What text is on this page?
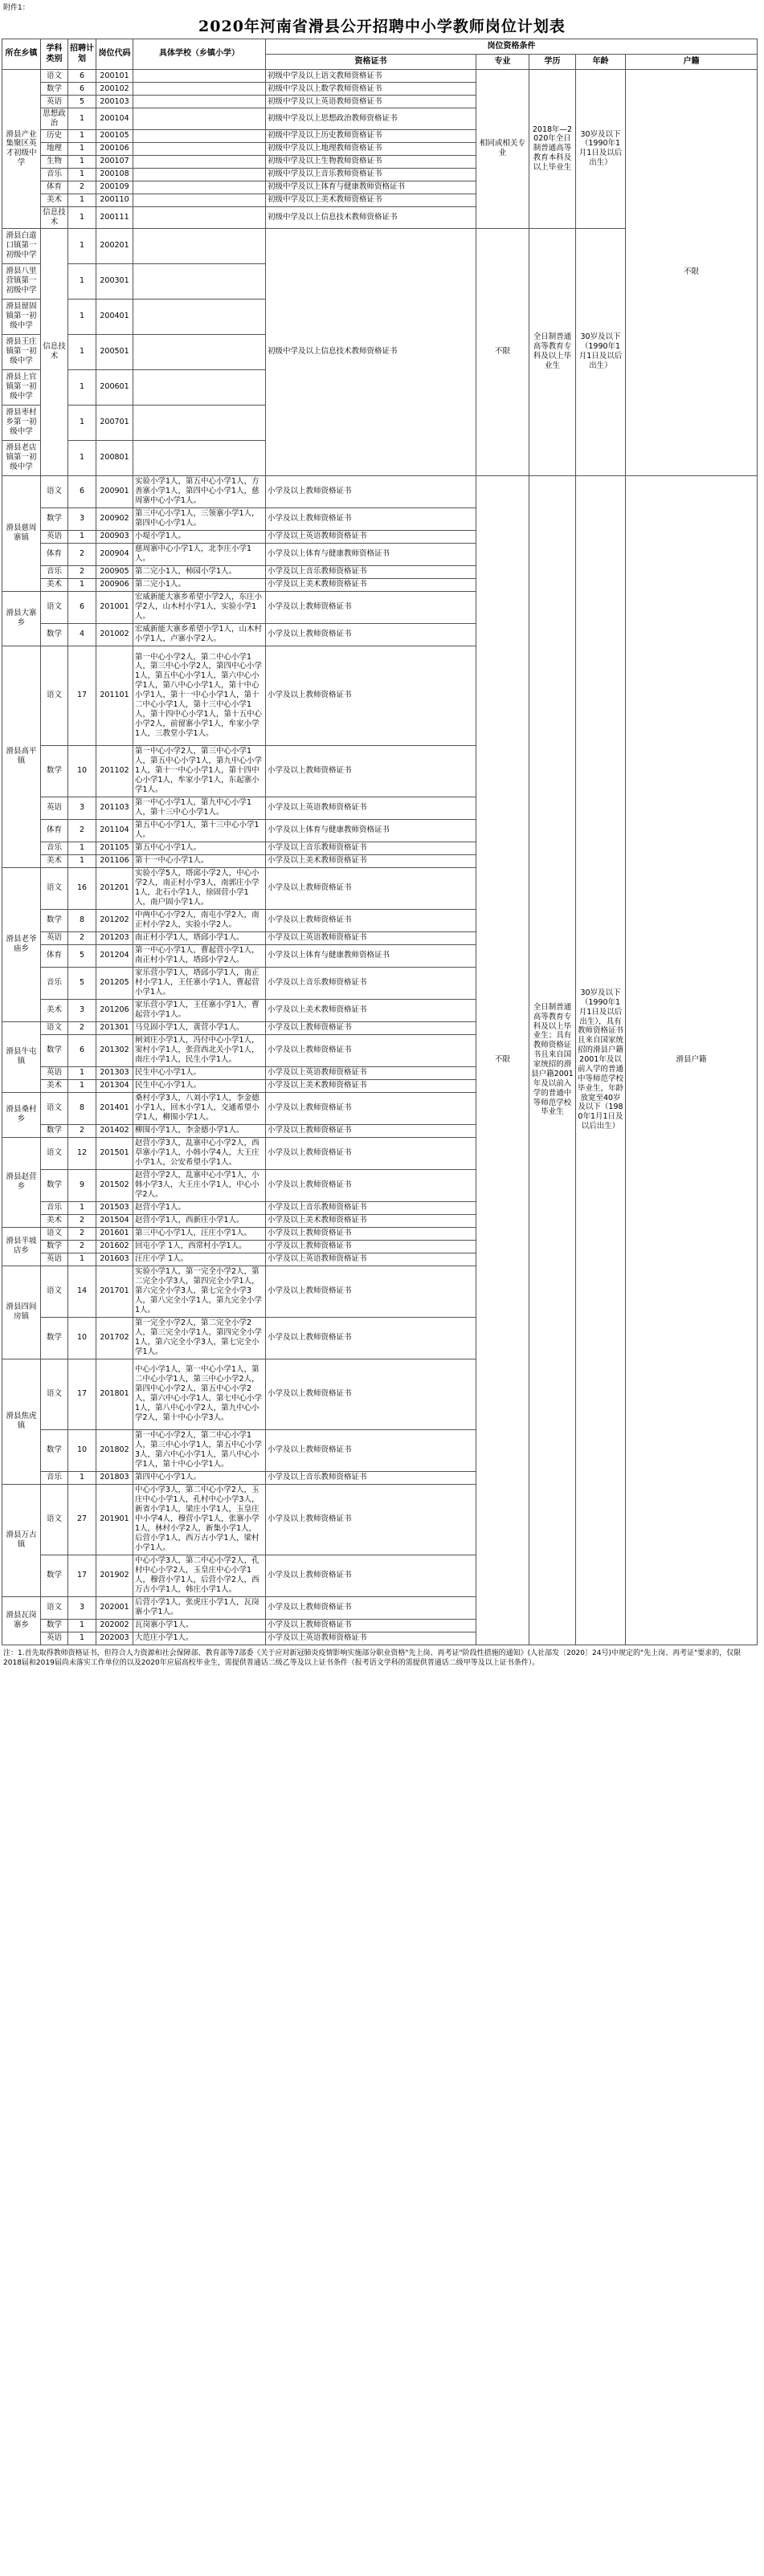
附件1：
2020年河南省滑县公开招聘中小学教师岗位计划表
所在乡镇	学科类别	招聘计划	岗位代码	具体学校（乡镇小学）	岗位资格条件				
					资格证书	专业	学历	年龄	户籍
滑县产业集聚区英才初级中学	语文	6	200101		初级中学及以上语文教师资格证书	相同或相关专业	2018年—2020年全日制普通高等教育本科及以上毕业生	30岁及以下（1990年1月1日及以后出生）	不限
	数学	6	200102		初级中学及以上数学教师资格证书				
	英语	5	200103		初级中学及以上英语教师资格证书				
	思想政治	1	200104		初级中学及以上思想政治教师资格证书				
	历史	1	200105		初级中学及以上历史教师资格证书				
	地理	1	200106		初级中学及以上地理教师资格证书				
	生物	1	200107		初级中学及以上生物教师资格证书				
	音乐	1	200108		初级中学及以上音乐教师资格证书				
	体育	2	200109		初级中学及以上体育与健康教师资格证书				
	美术	1	200110		初级中学及以上美术教师资格证书				
	信息技术	1	200111		初级中学及以上信息技术教师资格证书				
滑县白道口镇第一初级中学	信息技术	1	200201		初级中学及以上信息技术教师资格证书	不限	全日制普通高等教育专科及以上毕业生	30岁及以下（1990年1月1日及以后出生）	
滑县八里营镇第一初级中学		1	200301						
滑县留固镇第一初级中学		1	200401						
滑县王庄镇第一初级中学		1	200501						
滑县上官镇第一初级中学		1	200601						
滑县枣村乡第一初级中学		1	200701						
滑县老店镇第一初级中学		1	200801						
滑县慈周寨镇	语文	6	200901	实验小学1人，第五中心小学1人，方善寨小学1人，第四中心小学1人，慈周寨中心小学1人。	小学及以上教师资格证书	不限	全日制普通高等教育专科及以上毕业生；具有教师资格证书且来自国家统招的滑县户籍2001年及以前入学的普通中等师范学校毕业生	30岁及以下（1990年1月1日及以后出生），具有教师资格证书且来自国家统招的滑县户籍2001年及以前入学的普通中等师范学校毕业生，年龄放宽至40岁及以下（1980年1月1日及以后出生）	滑县户籍
	数学	3	200902	第三中心小学1人，三领寨小学1人，第四中心小学1人。	小学及以上教师资格证书				
	英语	1	200903	小堤小学1人。	小学及以上英语教师资格证书				
	体育	2	200904	慈周寨中心小学1人，北李庄小学1人。	小学及以上体育与健康教师资格证书				
	音乐	2	200905	第二完小1人，柿园小学1人。	小学及以上音乐教师资格证书				
	美术	1	200906	第二完小1人。	小学及以上美术教师资格证书				
滑县大寨乡	语文	6	201001	宏威新能大寨乡希望小学2人，东庄小学2人，山木村小学1人，实验小学1人。	小学及以上教师资格证书				
	数学	4	201002	宏威新能大寨乡希望小学1人，山木村小学1人，卢寨小学2人。	小学及以上教师资格证书				
滑县高平镇	语文	17	201101	第一中心小学2人，第二中心小学1人，第三中心小学2人，第四中心小学1人，第五中心小学1人，第六中心小学1人，第八中心小学1人，第十中心小学1人，第十一中心小学1人，第十二中心小学1人，第十三中心小学1人，第十四中心小学1人，第十五中心小学2人，前留寨小学1人，牟家小学1人，三教堂小学1人。	小学及以上教师资格证书				
	数学	10	201102	第一中心小学2人，第三中心小学1人，第五中心小学1人，第九中心小学1人，第十一中心小学1人，第十四中心小学1人，牟家小学1人，东起寨小学1人。	小学及以上教师资格证书				
	英语	3	201103	第一中心小学1人，第九中心小学1人，第十三中心小学1人。	小学及以上英语教师资格证书				
	体育	2	201104	第五中心小学1人，第十三中心小学1人。	小学及以上体育与健康教师资格证书				
	音乐	1	201105	第五中心小学1人。	小学及以上音乐教师资格证书				
	美术	1	201106	第十一中心小学1人。	小学及以上美术教师资格证书				
滑县老爷庙乡	语文	16	201201	实验小学5人，塔邱小学2人，中心小学2人，南正村小学3人，南郭庄小学1人，北石小学1人，徐固营小学1人，南户固小学1人。	小学及以上教师资格证书				
	数学	8	201202	中两中心小学2人，南屯小学2人，南正村小学2人，实验小学2人。	小学及以上教师资格证书				
	英语	2	201203	南正村小学1人，塔邱小学1人。	小学及以上英语教师资格证书				
	体育	5	201204	第一中心小学1人，曹起营小学1人，南正村小学1人，塔邱小学2人。	小学及以上体育与健康教师资格证书				
	音乐	5	201205	家乐营小学1人，塔邱小学1人，南正村小学1人，王任寨小学1人，曹起营小学1人。	小学及以上音乐教师资格证书				
	美术	3	201206	家乐营小学1人，王任寨小学1人，曹起营小学1人。	小学及以上美术教师资格证书				
滑县牛屯镇	语文	2	201301	马兑固小学1人，黄营小学1人。	小学及以上教师资格证书				
	数学	6	201302	闸刘庄小学1人，冯付中心小学1人，窦村小学1人，张营西北关小学1人，南庄小学1人，民生小学1人。	小学及以上教师资格证书				
	英语	1	201303	民生中心小学1人。	小学及以上英语教师资格证书				
	美术	1	201304	民生中心小学1人。	小学及以上美术教师资格证书				
滑县桑村乡	语文	8	201401	桑村小学3人，八刘小学1人，李金德小学1人，回木小学1人，交通希望小学1人，柳围小学1人。	小学及以上教师资格证书				
	数学	2	201402	柳围小学1人，李金德小学1人。	小学及以上教师资格证书				
滑县赵营乡	语文	12	201501	赵营小学3人，乱寨中心小学2人，西草寨小学1人，小韩小学4人，大王庄小学1人，公安希望小学1人。	小学及以上教师资格证书				
	数学	9	201502	赵营小学2人，乱寨中心小学1人，小韩小学3人，大王庄小学1人，中心小学2人。	小学及以上教师资格证书				
	音乐	1	201503	赵营小学1人。	小学及以上音乐教师资格证书				
	美术	2	201504	赵营小学1人，西新庄小学1人。	小学及以上美术教师资格证书				
滑县半坡店乡	语文	2	201601	第三中心小学1人，汪庄小学1人。	小学及以上教师资格证书				
	数学	2	201602	回屯小学 1人，西常村小学1人。	小学及以上教师资格证书				
	英语	1	201603	汪庄小学 1人。	小学及以上英语教师资格证书				
滑县四间房镇	语文	14	201701	实验小学1人，第一完全小学2人，第二完全小学3人，第四完全小学1人，第六完全小学3人，第七完全小学3人，第八完全小学1人，第九完全小学1人。	小学及以上教师资格证书				
	数学	10	201702	第一完全小学2人，第二完全小学2人，第三完全小学1人，第四完全小学1人，第六完全小学3人，第七完全小学1人。	小学及以上教师资格证书				
滑县焦虎镇	语文	17	201801	中心小学1人，第一中心小学1人，第二中心小学1人，第三中心小学2人，第四中心小学2人，第五中心小学2人，第六中心小学1人，第七中心小学1人，第八中心小学2人，第九中心小学2人，第十中心小学3人。	小学及以上教师资格证书				
	数学	10	201802	第一中心小学2人，第二中心小学1人，第三中心小学1人，第五中心小学3人，第六中心小学1人，第八中心小学1人，第十中心小学1人。	小学及以上教师资格证书				
	音乐	1	201803	第四中心小学1人。	小学及以上音乐教师资格证书				
滑县万古镇	语文	27	201901	中心小学3人，第二中心小学2人，玉庄中心小学1人，孔村中心小学3人，新省小学1人，梁庄小学1人，玉皇庄中小学4人，穆营小学1人，张寨小学1人，林村小学2人，新集小学1人，后营小学1人，西万古小学1人，梁村小学1人。	小学及以上教师资格证书				
	数学	17	201902	中心小学3人，第二中心小学2人，孔村中心小学2人，玉皇庄中心小学1人，穆营小学1人，后营小学2人，西万古小学1人，韩庄小学1人。	小学及以上教师资格证书				
滑县瓦岗寨乡	语文	3	202001	后营小学1人，张虎庄小学1人，瓦岗寨小学1人。	小学及以上教师资格证书				
	数学	1	202002	瓦岗寨小学1人。	小学及以上教师资格证书				
	英语	1	202003	大范庄小学1人。	小学及以上英语教师资格证书				
注：1.首先取得教师资格证书，但符合人力资源和社会保障部、教育部等7部委《关于应对新冠肺炎疫情影响实施部分职业资格"先上岗、再考证"阶段性措施的通知》(人社部发〔2020〕24号)中规定的"先上岗、再考证"要求的，仅限2018届和2019届尚未落实工作单位的以及2020年应届高校毕业生，需提供普通话二级乙等及以上证书条件（报考语文学科的需提供普通话二级甲等及以上证书条件）。
